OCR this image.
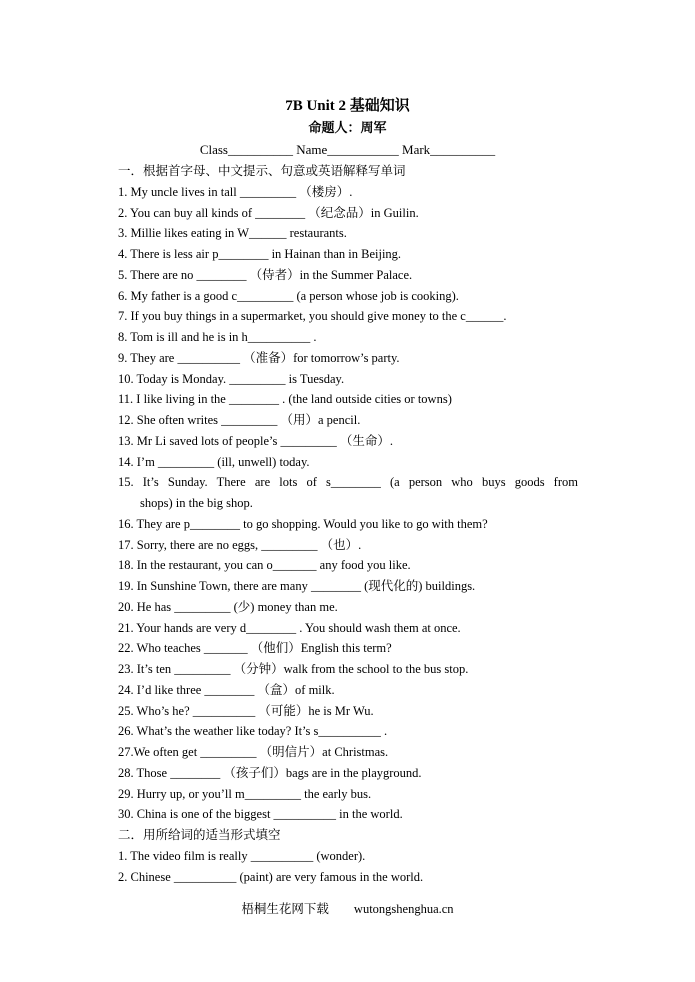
7B Unit 2 基础知识
命题人：周军
Class__________ Name___________ Mark__________
一．根据首字母、中文提示、句意或英语解释写单词
1. My uncle lives in tall _________ （楼房）.
2. You can buy all kinds of ________ （纪念品）in Guilin.
3. Millie likes eating in W______ restaurants.
4. There is less air p________ in Hainan than in Beijing.
5. There are no ________ （侍者）in the Summer Palace.
6. My father is a good c_________ (a person whose job is cooking).
7. If you buy things in a supermarket, you should give money to the c______.
8. Tom is ill and he is in h__________ .
9. They are __________ （准备）for tomorrow’s party.
10. Today is Monday. _________ is Tuesday.
11. I like living in the ________ . (the land outside cities or towns)
12. She often writes _________ （用）a pencil.
13. Mr Li saved lots of people’s _________ （生命）.
14. I’m _________ (ill, unwell) today.
15. It’s Sunday. There are lots of s________ (a person who buys goods from
shops) in the big shop.
16. They are p________ to go shopping. Would you like to go with them?
17. Sorry, there are no eggs, _________ （也）.
18. In the restaurant, you can o_______ any food you like.
19. In Sunshine Town, there are many ________ (现代化的) buildings.
20. He has _________ (少) money than me.
21. Your hands are very d________ . You should wash them at once.
22. Who teaches _______ （他们）English this term?
23. It’s ten _________ （分钟）walk from the school to the bus stop.
24. I’d like three ________ （盒）of milk.
25. Who’s he? __________ （可能）he is Mr Wu.
26. What’s the weather like today? It’s s__________ .
27.We often get _________ （明信片）at Christmas.
28. Those ________ （孩子们）bags are in the playground.
29. Hurry up, or you’ll m_________ the early bus.
30. China is one of the biggest __________ in the world.
二．用所给词的适当形式填空
1. The video film is really __________ (wonder).
2. Chinese __________ (paint) are very famous in the world.
梧桐生花网下载        wutongshenghua.cn
